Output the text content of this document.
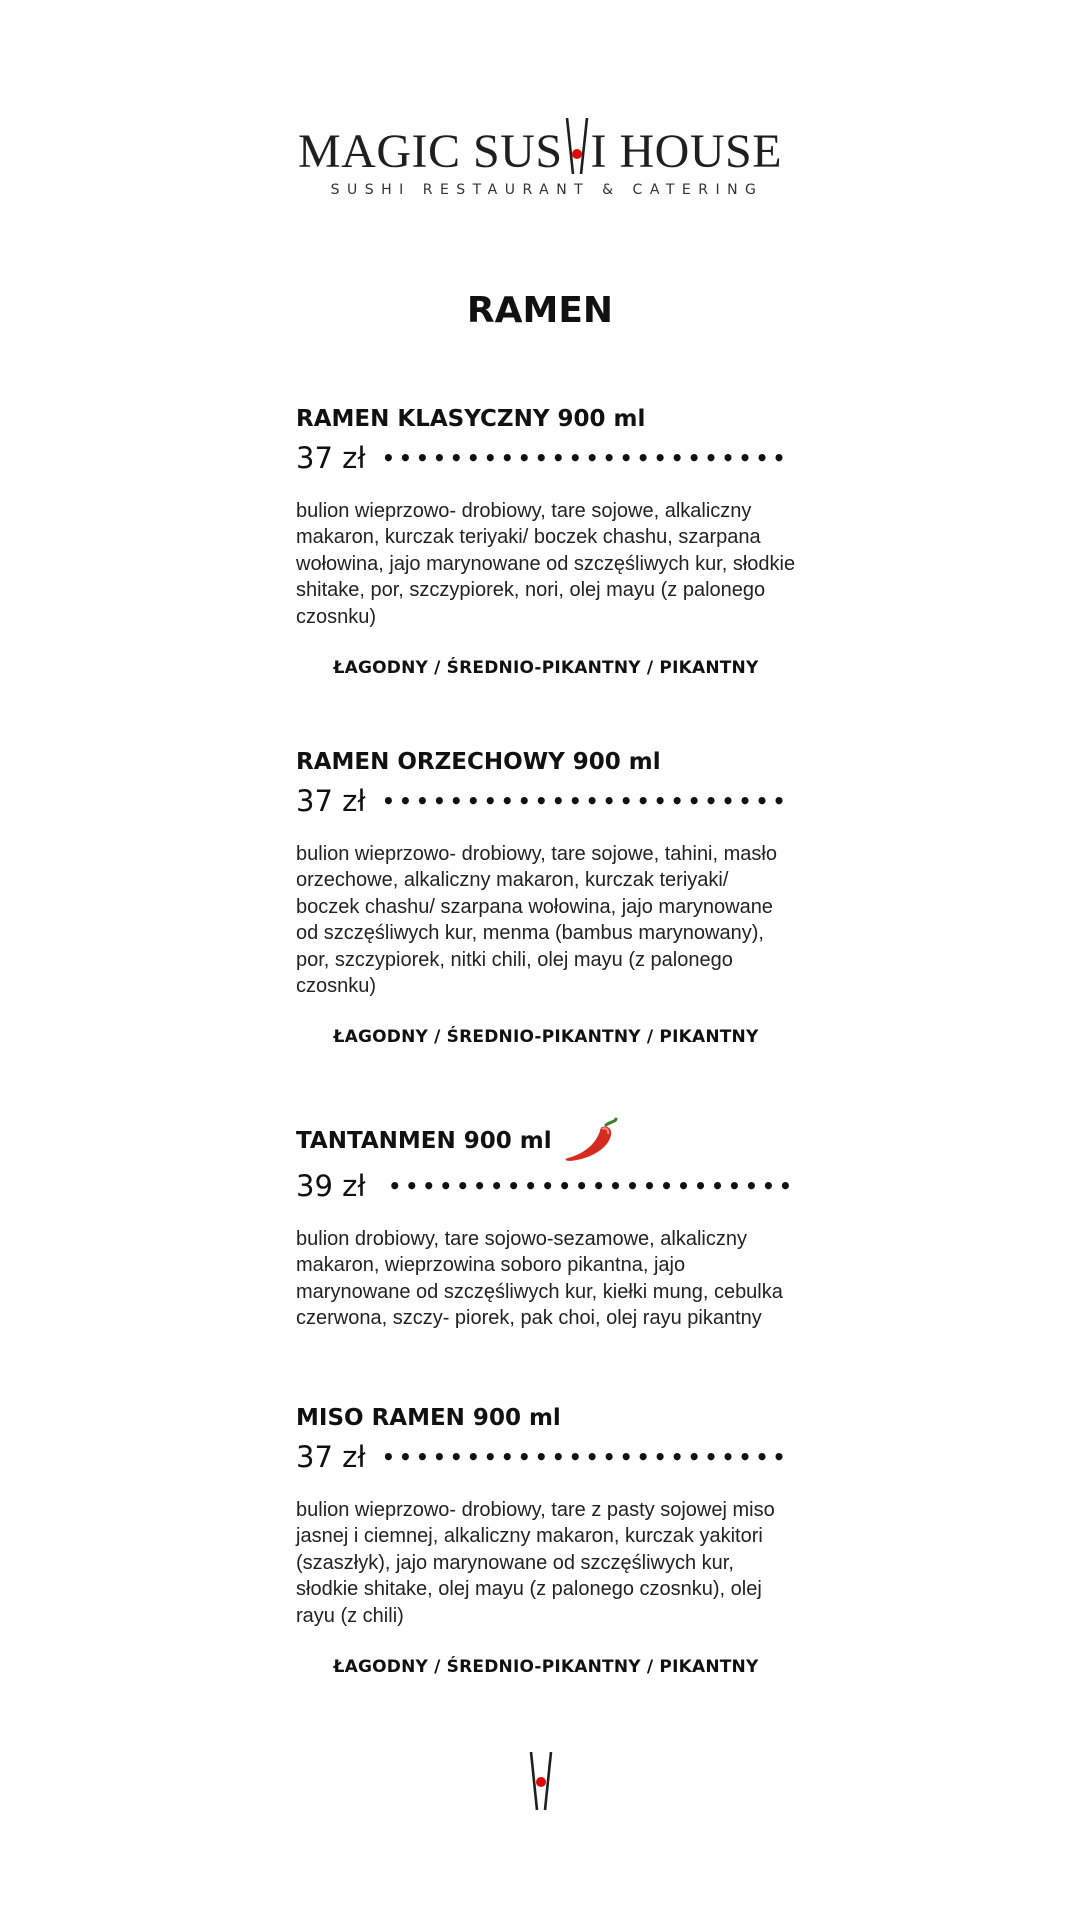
MAGIC SUS I HOUSE
SUSHI RESTAURANT & CATERING
RAMEN
RAMEN KLASYCZNY 900 ml
37 zł ••••••••••••••••••••••••
bulion wieprzowo- drobiowy, tare sojowe, alkaliczny makaron, kurczak teriyaki/ boczek chashu, szarpana wołowina, jajo marynowane od szczęśliwych kur, słodkie shitake, por, szczypiorek, nori, olej mayu (z palonego czosnku)
ŁAGODNY / ŚREDNIO-PIKANTNY / PIKANTNY
RAMEN ORZECHOWY 900 ml
37 zł ••••••••••••••••••••••••
bulion wieprzowo- drobiowy, tare sojowe, tahini, masło orzechowe, alkaliczny makaron, kurczak teriyaki/ boczek chashu/ szarpana wołowina, jajo marynowane od szczęśliwych kur, menma (bambus marynowany), por, szczypiorek, nitki chili, olej mayu (z palonego czosnku)
ŁAGODNY / ŚREDNIO-PIKANTNY / PIKANTNY
TANTANMEN 900 ml
39 zł	••••••••••••••••••••••••
bulion drobiowy, tare sojowo-sezamowe, alkaliczny makaron, wieprzowina soboro pikantna, jajo marynowane od szczęśliwych kur, kiełki mung, cebulka czerwona, szczy- piorek, pak choi, olej rayu pikantny
MISO RAMEN 900 ml
37 zł ••••••••••••••••••••••••
bulion wieprzowo- drobiowy, tare z pasty sojowej miso jasnej i ciemnej, alkaliczny makaron, kurczak yakitori (szaszłyk), jajo marynowane od szczęśliwych kur, słodkie shitake, olej mayu (z palonego czosnku), olej rayu (z chili)
ŁAGODNY / ŚREDNIO-PIKANTNY / PIKANTNY
